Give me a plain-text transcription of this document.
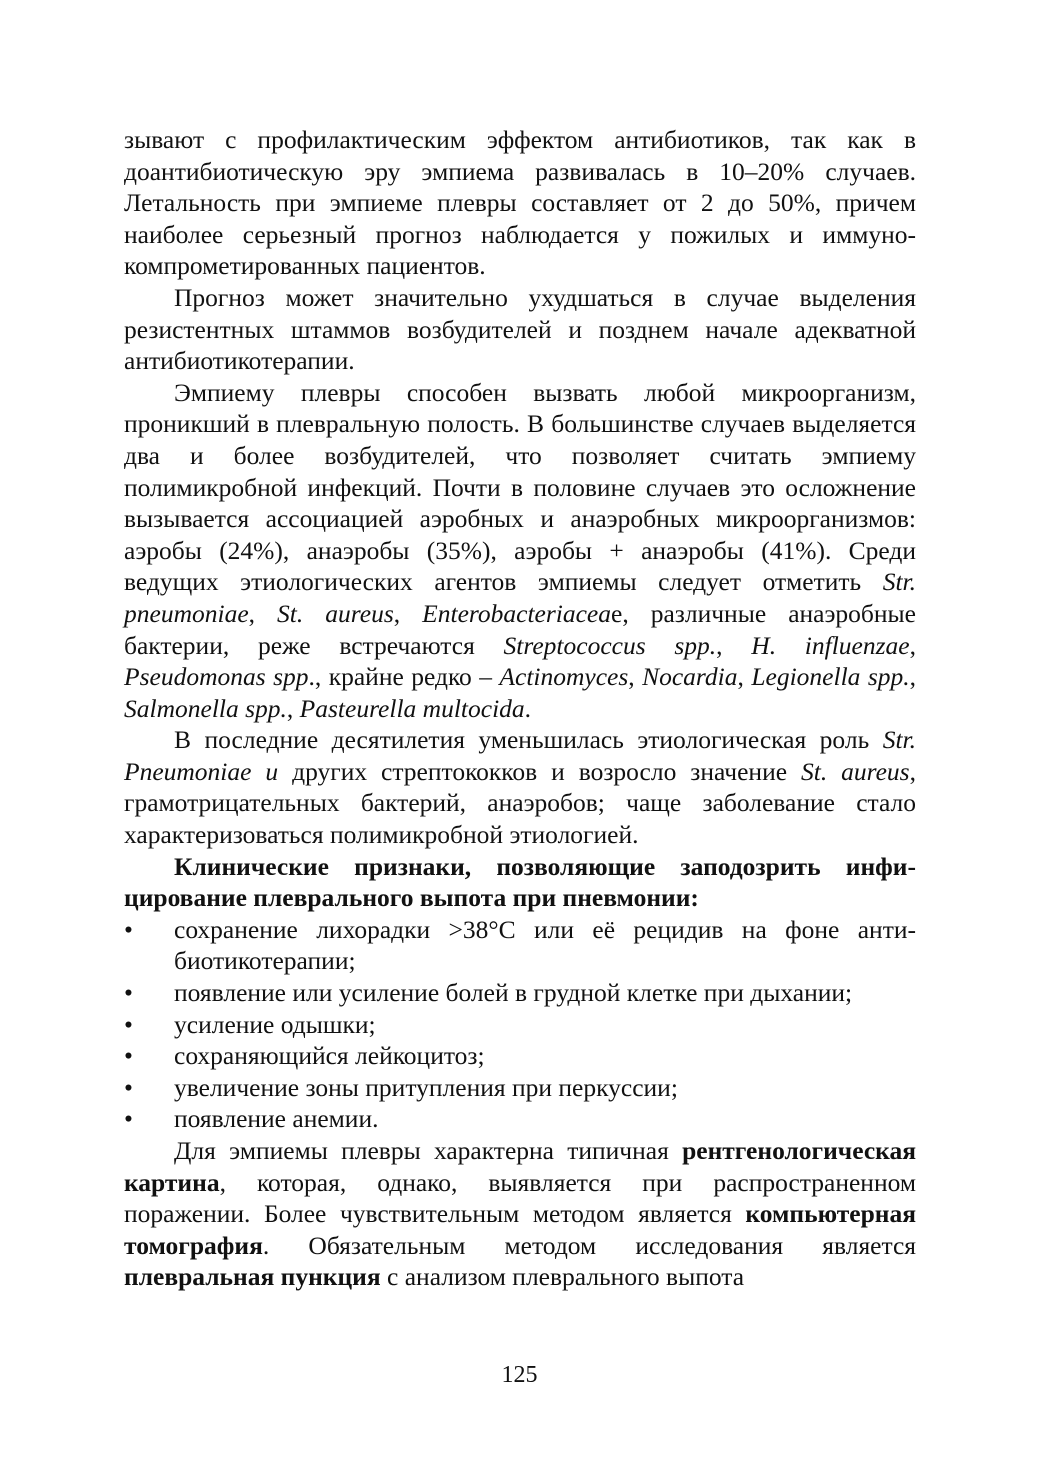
зывают с профилактическим эффектом антибиотиков, так как в доантибиотическую эру эмпиема развивалась в 10–20% случаев. Летальность при эмпиеме плевры составляет от 2 до 50%, причем наиболее серьезный прогноз наблюдается у пожилых и иммунокомпрометированных пациентов.

Прогноз может значительно ухудшаться в случае выделения резистентных штаммов возбудителей и позднем начале адекватной антибиотикотерапии.

Эмпиему плевры способен вызвать любой микроорганизм, проникший в плевральную полость. В большинстве случаев выделяется два и более возбудителей, что позволяет считать эмпиему полимикробной инфекций. Почти в половине случаев это осложнение вызывается ассоциацией аэробных и анаэробных микроорганизмов: аэробы (24%), анаэробы (35%), аэробы + анаэробы (41%). Среди ведущих этиологических агентов эмпиемы следует отметить Str. pneumoniae, St. aureus, Enterobacteriaceae, различные анаэробные бактерии, реже встречаются Streptococcus spp., H. influenzae, Pseudomonas spp., крайне редко – Actinomyces, Nocardia, Legionella spp., Salmonella spp., Pasteurella multocida.

В последние десятилетия уменьшилась этиологическая роль Str. Pneumoniae и других стрептококков и возросло значение St. aureus, грамотрицательных бактерий, анаэробов; чаще заболевание стало характеризоваться полимикробной этиологией.

Клинические признаки, позволяющие заподозрить инфицирование плеврального выпота при пневмонии:

• сохранение лихорадки >38°С или её рецидив на фоне антибиотикотерапии;
• появление или усиление болей в грудной клетке при дыхании;
• усиление одышки;
• сохраняющийся лейкоцитоз;
• увеличение зоны притупления при перкуссии;
• появление анемии.

Для эмпиемы плевры характерна типичная рентгенологическая картина, которая, однако, выявляется при распространенном поражении. Более чувствительным методом является компьютерная томография. Обязательным методом исследования является плевральная пункция с анализом плеврального выпота

125
